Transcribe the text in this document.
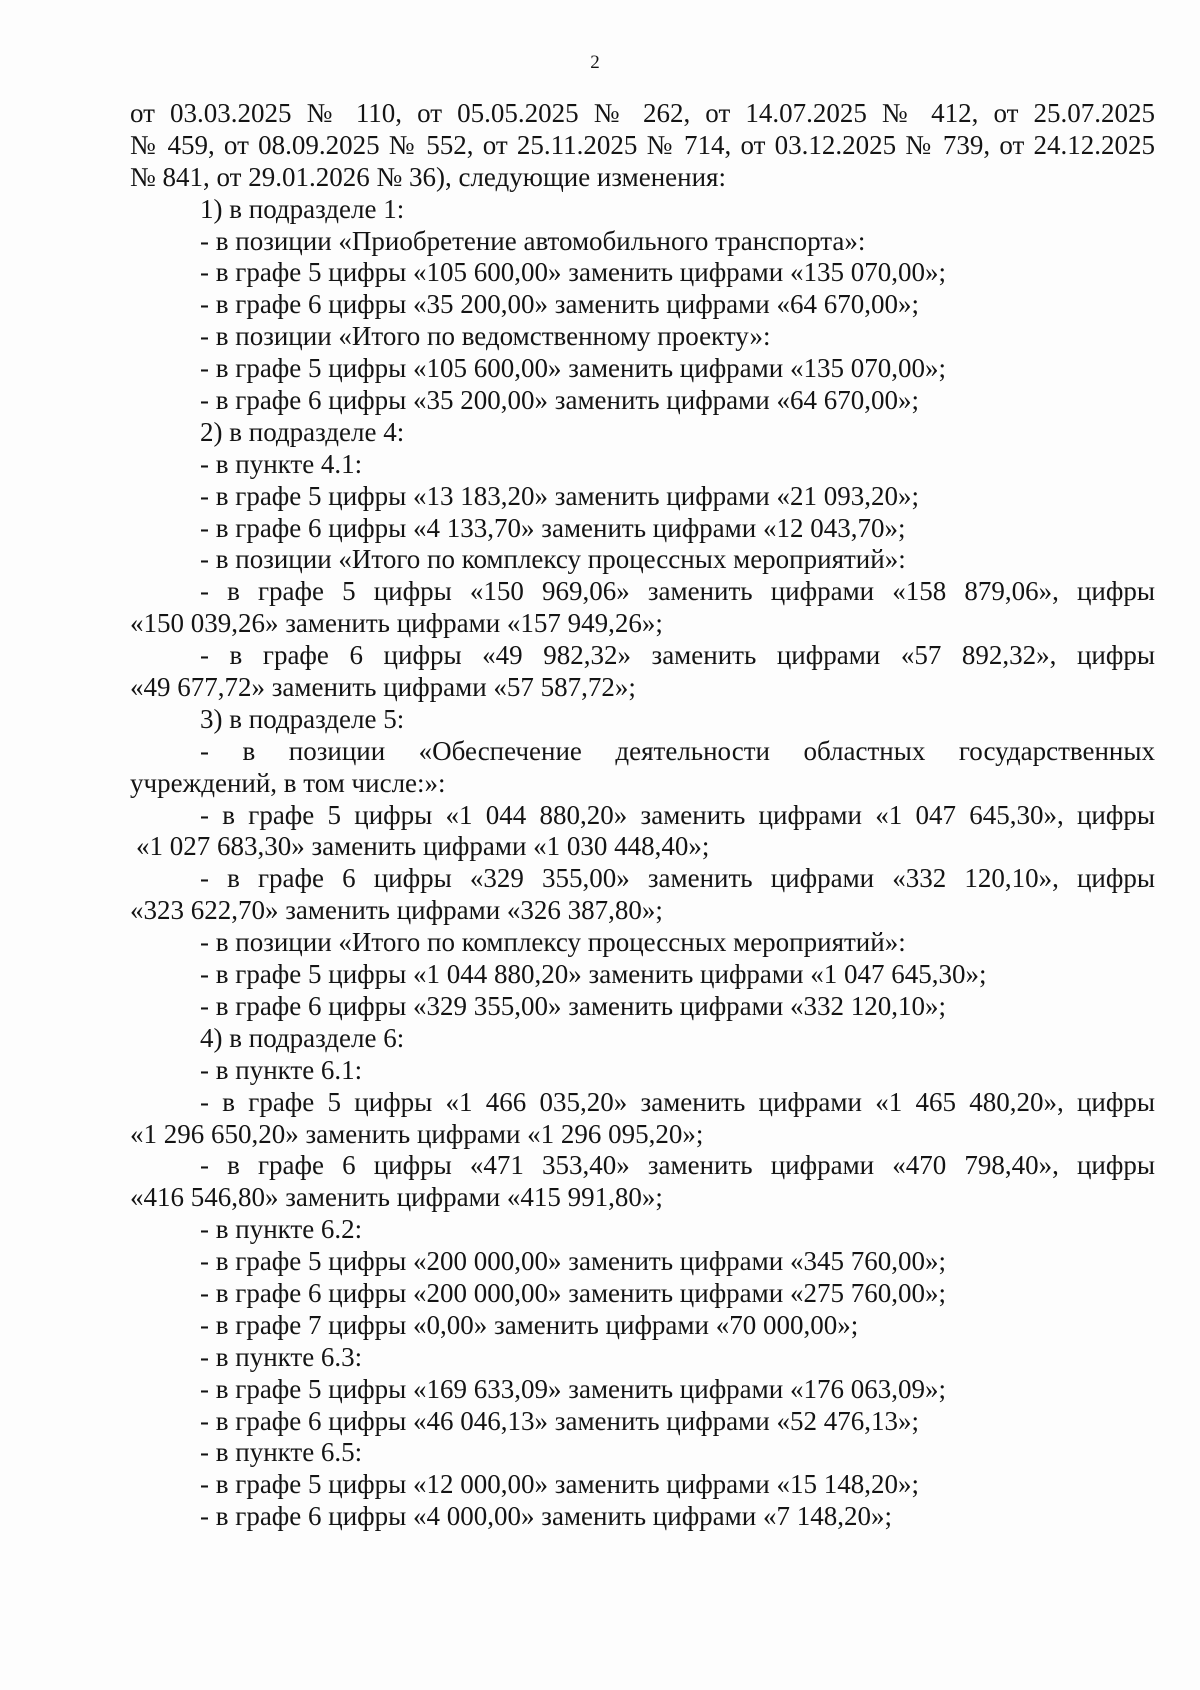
2
от 03.03.2025 № 110, от 05.05.2025 № 262, от 14.07.2025 № 412, от 25.07.2025
№ 459, от 08.09.2025 № 552, от 25.11.2025 № 714, от 03.12.2025 № 739, от 24.12.2025
№ 841, от 29.01.2026 № 36), следующие изменения:
1) в подразделе 1:
- в позиции «Приобретение автомобильного транспорта»:
- в графе 5 цифры «105 600,00» заменить цифрами «135 070,00»;
- в графе 6 цифры «35 200,00» заменить цифрами «64 670,00»;
- в позиции «Итого по ведомственному проекту»:
- в графе 5 цифры «105 600,00» заменить цифрами «135 070,00»;
- в графе 6 цифры «35 200,00» заменить цифрами «64 670,00»;
2) в подразделе 4:
- в пункте 4.1:
- в графе 5 цифры «13 183,20» заменить цифрами «21 093,20»;
- в графе 6 цифры «4 133,70» заменить цифрами «12 043,70»;
- в позиции «Итого по комплексу процессных мероприятий»:
- в графе 5 цифры «150 969,06» заменить цифрами «158 879,06», цифры
«150 039,26» заменить цифрами «157 949,26»;
- в графе 6 цифры «49 982,32» заменить цифрами «57 892,32», цифры
«49 677,72» заменить цифрами «57 587,72»;
3) в подразделе 5:
- в позиции «Обеспечение деятельности областных государственных
учреждений, в том числе:»:
- в графе 5 цифры «1 044 880,20» заменить цифрами «1 047 645,30», цифры
«1 027 683,30» заменить цифрами «1 030 448,40»;
- в графе 6 цифры «329 355,00» заменить цифрами «332 120,10», цифры
«323 622,70» заменить цифрами «326 387,80»;
- в позиции «Итого по комплексу процессных мероприятий»:
- в графе 5 цифры «1 044 880,20» заменить цифрами «1 047 645,30»;
- в графе 6 цифры «329 355,00» заменить цифрами «332 120,10»;
4) в подразделе 6:
- в пункте 6.1:
- в графе 5 цифры «1 466 035,20» заменить цифрами «1 465 480,20», цифры
«1 296 650,20» заменить цифрами «1 296 095,20»;
- в графе 6 цифры «471 353,40» заменить цифрами «470 798,40», цифры
«416 546,80» заменить цифрами «415 991,80»;
- в пункте 6.2:
- в графе 5 цифры «200 000,00» заменить цифрами «345 760,00»;
- в графе 6 цифры «200 000,00» заменить цифрами «275 760,00»;
- в графе 7 цифры «0,00» заменить цифрами «70 000,00»;
- в пункте 6.3:
- в графе 5 цифры «169 633,09» заменить цифрами «176 063,09»;
- в графе 6 цифры «46 046,13» заменить цифрами «52 476,13»;
- в пункте 6.5:
- в графе 5 цифры «12 000,00» заменить цифрами «15 148,20»;
- в графе 6 цифры «4 000,00» заменить цифрами «7 148,20»;
